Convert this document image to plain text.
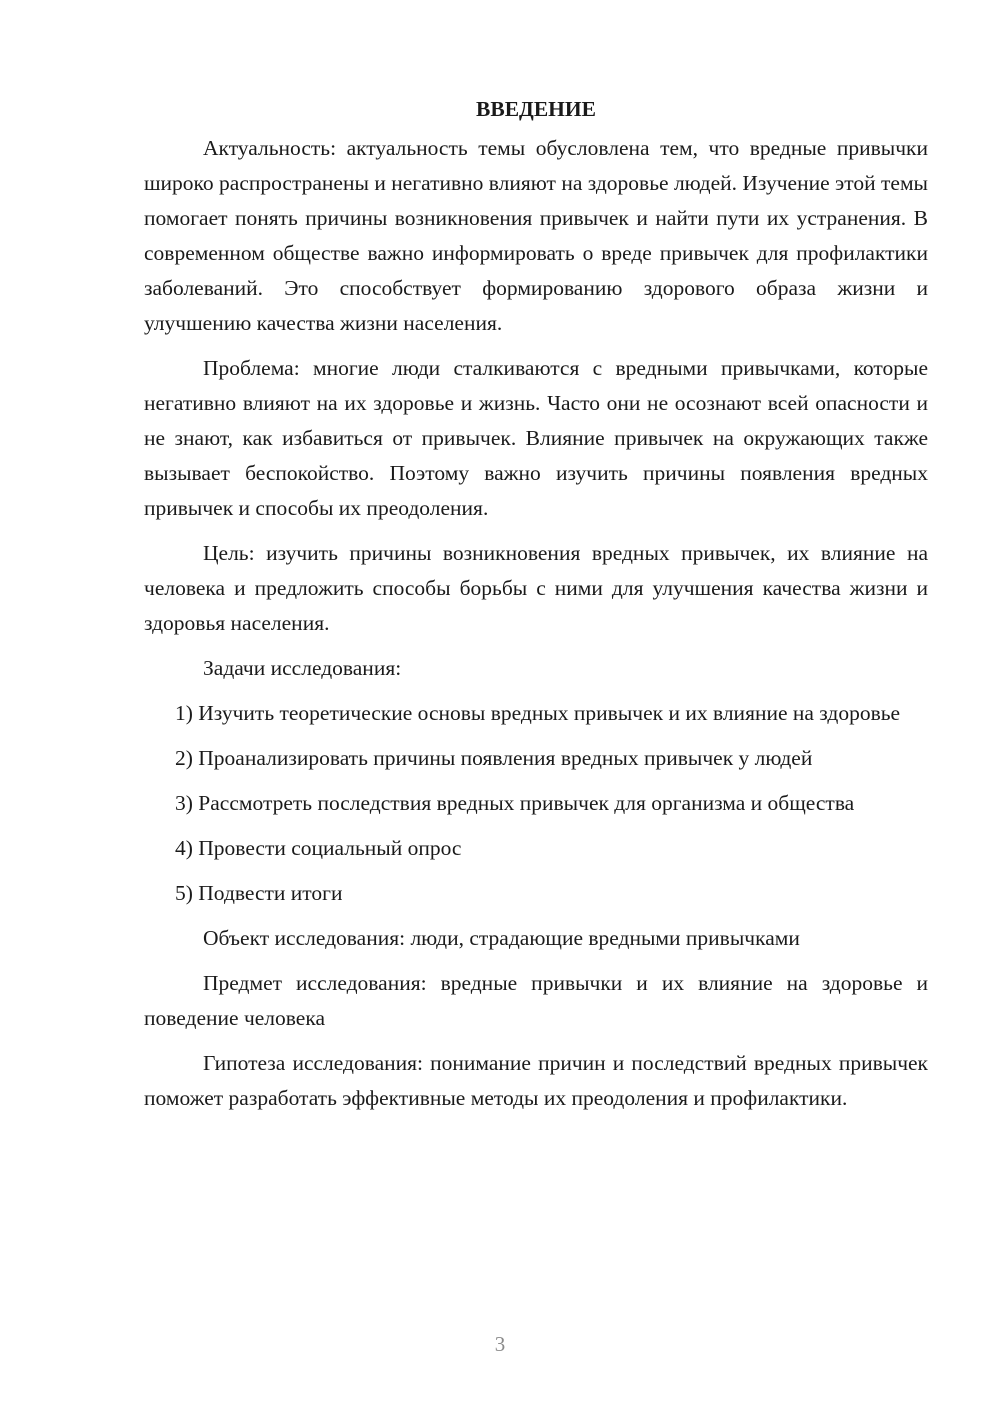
ВВЕДЕНИЕ

Актуальность: актуальность темы обусловлена тем, что вредные привычки широко распространены и негативно влияют на здоровье людей. Изучение этой темы помогает понять причины возникновения привычек и найти пути их устранения. В современном обществе важно информировать о вреде привычек для профилактики заболеваний. Это способствует формированию здорового образа жизни и улучшению качества жизни населения.

Проблема: многие люди сталкиваются с вредными привычками, которые негативно влияют на их здоровье и жизнь. Часто они не осознают всей опасности и не знают, как избавиться от привычек. Влияние привычек на окружающих также вызывает беспокойство. Поэтому важно изучить причины появления вредных привычек и способы их преодоления.

Цель: изучить причины возникновения вредных привычек, их влияние на человека и предложить способы борьбы с ними для улучшения качества жизни и здоровья населения.

Задачи исследования:

1) Изучить теоретические основы вредных привычек и их влияние на здоровье

2) Проанализировать причины появления вредных привычек у людей

3) Рассмотреть последствия вредных привычек для организма и общества

4) Провести социальный опрос

5) Подвести итоги

Объект исследования: люди, страдающие вредными привычками

Предмет исследования: вредные привычки и их влияние на здоровье и поведение человека

Гипотеза исследования: понимание причин и последствий вредных привычек поможет разработать эффективные методы их преодоления и профилактики.

3
